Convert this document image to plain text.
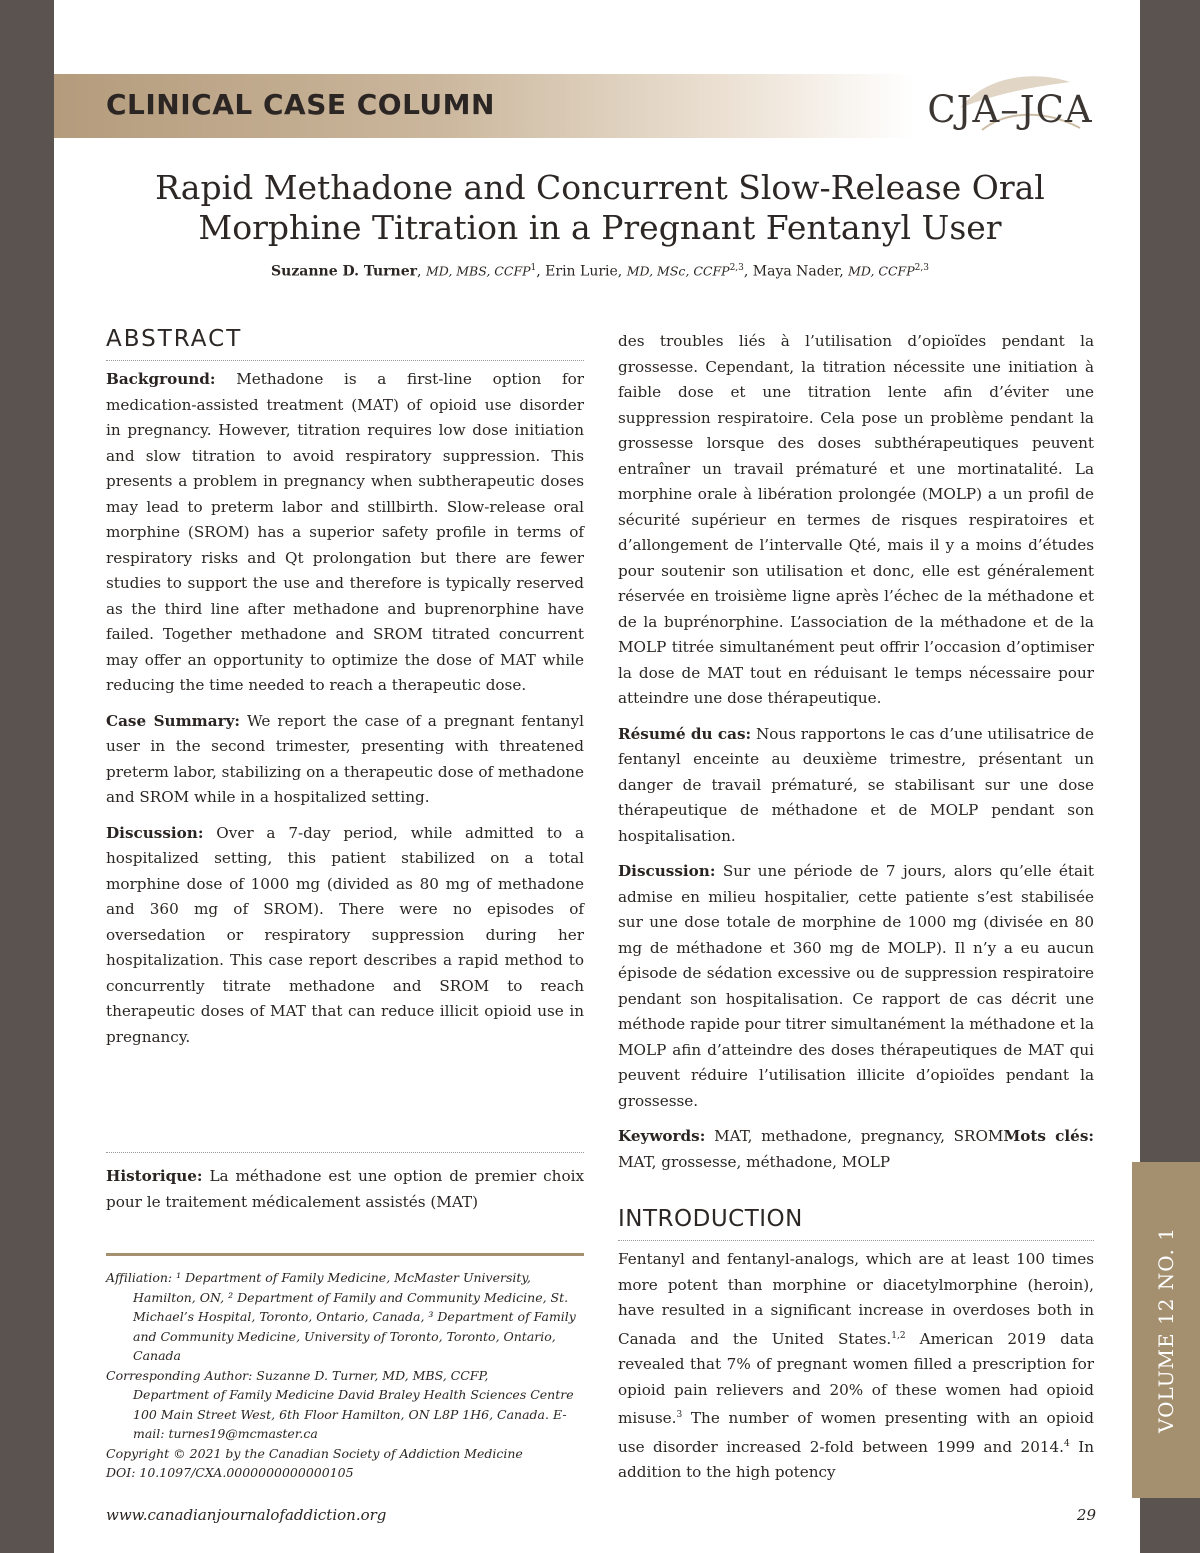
CLINICAL CASE COLUMN	CJA–JCA
Rapid Methadone and Concurrent Slow-Release Oral
Morphine Titration in a Pregnant Fentanyl User
Suzanne D. Turner, MD, MBS, CCFP$^1$, Erin Lurie, MD, MSc, CCFP$^{2,3}$, Maya Nader, MD, CCFP$^{2,3}$
ABSTRACT

Background: Methadone is a first-line option for medication-assisted treatment (MAT) of opioid use disorder in pregnancy. However, titration requires low dose initiation and slow titration to avoid respiratory suppression. This presents a problem in pregnancy when subtherapeutic doses may lead to preterm labor and stillbirth. Slow-release oral morphine (SROM) has a superior safety profile in terms of respiratory risks and Qt prolongation but there are fewer studies to support the use and therefore is typically reserved as the third line after methadone and buprenorphine have failed. Together methadone and SROM titrated concurrent may offer an opportunity to optimize the dose of MAT while reducing the time needed to reach a therapeutic dose.

Case Summary: We report the case of a pregnant fentanyl user in the second trimester, presenting with threatened preterm labor, stabilizing on a therapeutic dose of methadone and SROM while in a hospitalized setting.

Discussion: Over a 7-day period, while admitted to a hospitalized setting, this patient stabilized on a total morphine dose of 1000 mg (divided as 80 mg of methadone and 360 mg of SROM). There were no episodes of oversedation or respiratory suppression during her hospitalization. This case report describes a rapid method to concurrently titrate methadone and SROM to reach therapeutic doses of MAT that can reduce illicit opioid use in pregnancy.

Historique: La méthadone est une option de premier choix pour le traitement médicalement assistés (MAT)

Affiliation: ¹ Department of Family Medicine, McMaster University,
Hamilton, ON, ² Department of Family and Community Medicine, St. Michael’s Hospital, Toronto, Ontario, Canada, ³ Department of Family and Community Medicine, University of Toronto, Toronto, Ontario, Canada
Corresponding Author: Suzanne D. Turner, MD, MBS, CCFP,
Department of Family Medicine David Braley Health Sciences Centre 100 Main Street West, 6th Floor Hamilton, ON L8P 1H6, Canada. E-mail: turnes19@mcmaster.ca
Copyright © 2021 by the Canadian Society of Addiction Medicine
DOI: 10.1097/CXA.0000000000000105

des troubles liés à l’utilisation d’opioïdes pendant la grossesse. Cependant, la titration nécessite une initiation à faible dose et une titration lente afin d’éviter une suppression respiratoire. Cela pose un problème pendant la grossesse lorsque des doses subthérapeutiques peuvent entraîner un travail prématuré et une mortinatalité. La morphine orale à libération prolongée (MOLP) a un profil de sécurité supérieur en termes de risques respiratoires et d’allongement de l’intervalle Qté, mais il y a moins d’études pour soutenir son utilisation et donc, elle est généralement réservée en troisième ligne après l’échec de la méthadone et de la buprénorphine. L’association de la méthadone et de la MOLP titrée simultanément peut offrir l’occasion d’optimiser la dose de MAT tout en réduisant le temps nécessaire pour atteindre une dose thérapeutique.

Résumé du cas: Nous rapportons le cas d’une utilisatrice de fentanyl enceinte au deuxième trimestre, présentant un danger de travail prématuré, se stabilisant sur une dose thérapeutique de méthadone et de MOLP pendant son hospitalisation.

Discussion: Sur une période de 7 jours, alors qu’elle était admise en milieu hospitalier, cette patiente s’est stabilisée sur une dose totale de morphine de 1000 mg (divisée en 80 mg de méthadone et 360 mg de MOLP). Il n’y a eu aucun épisode de sédation excessive ou de suppression respiratoire pendant son hospitalisation. Ce rapport de cas décrit une méthode rapide pour titrer simultanément la méthadone et la MOLP afin d’atteindre des doses thérapeutiques de MAT qui peuvent réduire l’utilisation illicite d’opioïdes pendant la grossesse.

Keywords: MAT, methadone, pregnancy, SROMMots clés: MAT, grossesse, méthadone, MOLP

INTRODUCTION

Fentanyl and fentanyl-analogs, which are at least 100 times more potent than morphine or diacetylmorphine (heroin), have resulted in a significant increase in overdoses both in Canada and the United States.$^{1,2}$ American 2019 data revealed that 7% of pregnant women filled a prescription for opioid pain relievers and 20% of these women had opioid misuse.$^3$ The number of women presenting with an opioid use disorder increased 2-fold between 1999 and 2014.$^4$ In addition to the high potency

VOLUME 12 NO. 1
www.canadianjournalofaddiction.org	29
